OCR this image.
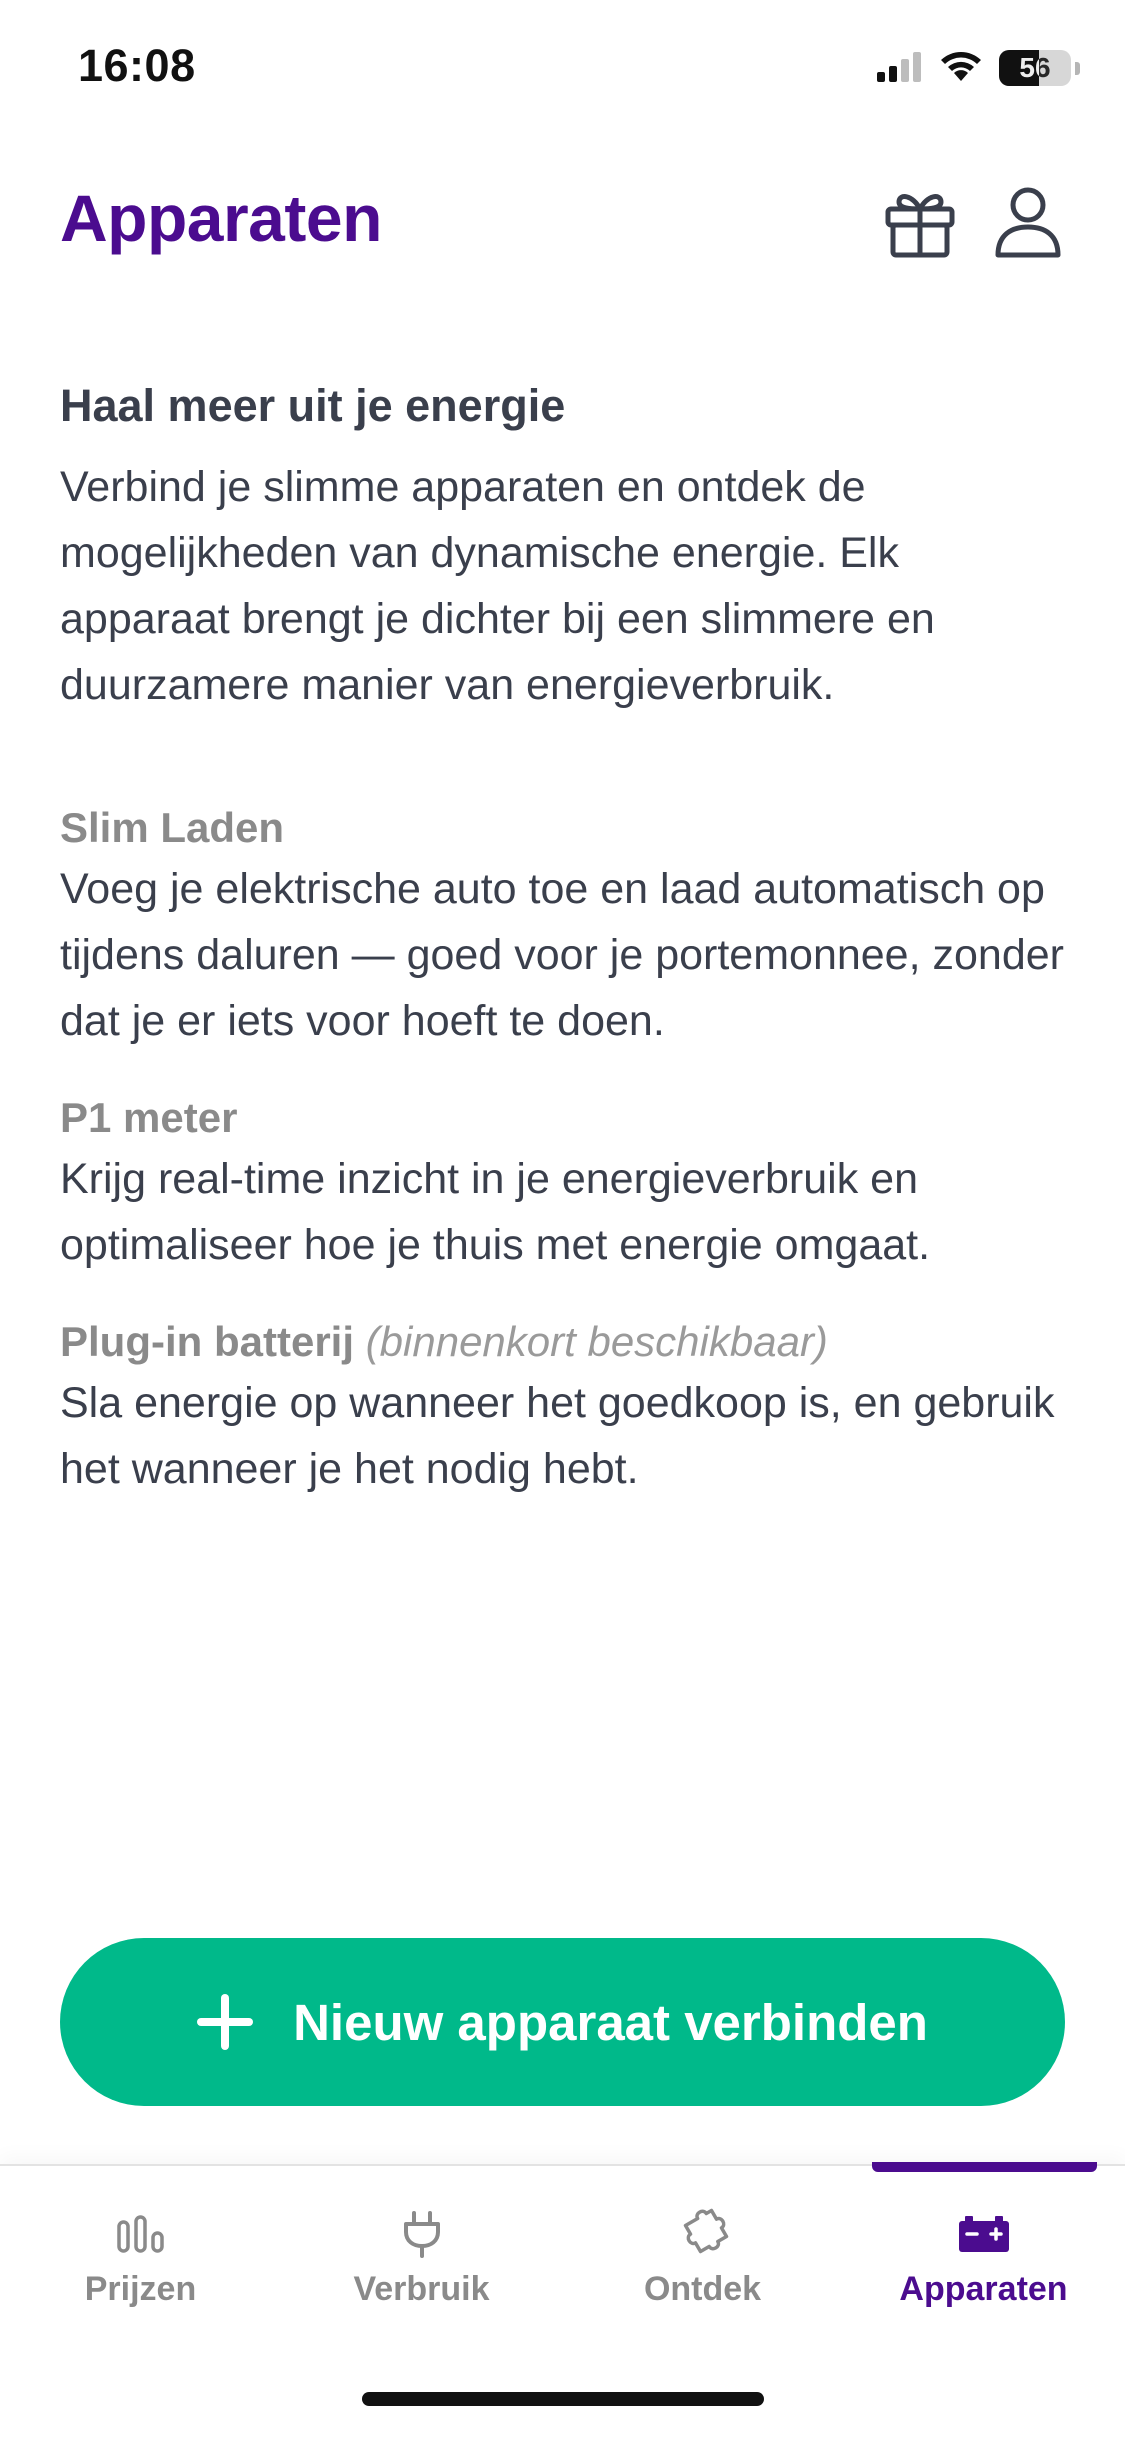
16:08	56
Apparaten
Haal meer uit je energie

Verbind je slimme apparaten en ontdek de mogelijkheden van dynamische energie. Elk apparaat brengt je dichter bij een slimmere en duurzamere manier van energieverbruik.

Slim Laden
Voeg je elektrische auto toe en laad automatisch op tijdens daluren — goed voor je portemonnee, zonder dat je er iets voor hoeft te doen.
P1 meter
Krijg real-time inzicht in je energieverbruik en optimaliseer hoe je thuis met energie omgaat.
Plug-in batterij (binnenkort beschikbaar)
Sla energie op wanneer het goedkoop is, en gebruik het wanneer je het nodig hebt.
Nieuw apparaat verbinden
Prijzen	Verbruik	Ontdek	Apparaten
